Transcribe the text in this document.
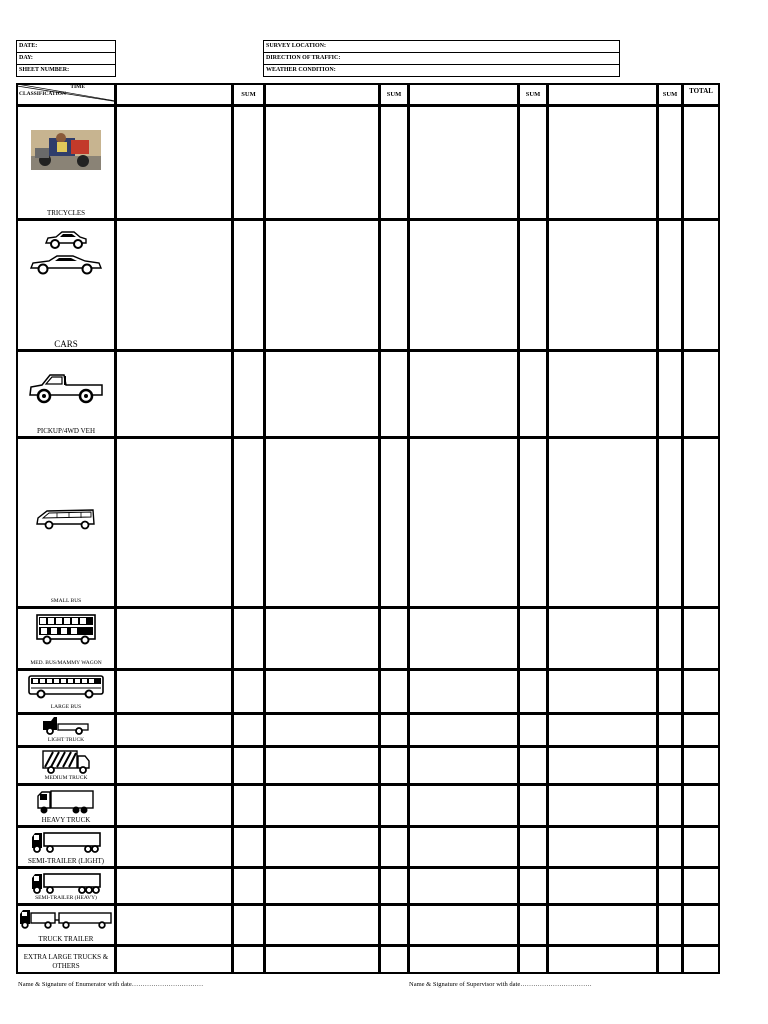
DATE:
DAY:
SHEET NUMBER:
SURVEY LOCATION:
DIRECTION OF TRAFFIC:
WEATHER CONDITION:
TIME
CLASSIFICATION		SUM		SUM		SUM		SUM	TOTAL

TRICYCLES									

CARS									

PICKUP/4WD VEH									

SMALL BUS									

MED. BUS/MAMMY WAGON									

LARGE BUS									

LIGHT TRUCK									

MEDIUM TRUCK									

HEAVY TRUCK									

SEMI-TRAILER (LIGHT)									

SEMI-TRAILER (HEAVY)									

TRUCK TRAILER									

EXTRA LARGE TRUCKS & OTHERS									

Name & Signature of Enumerator with date……………………………	Name & Signature of Supervisor with date……………………………
